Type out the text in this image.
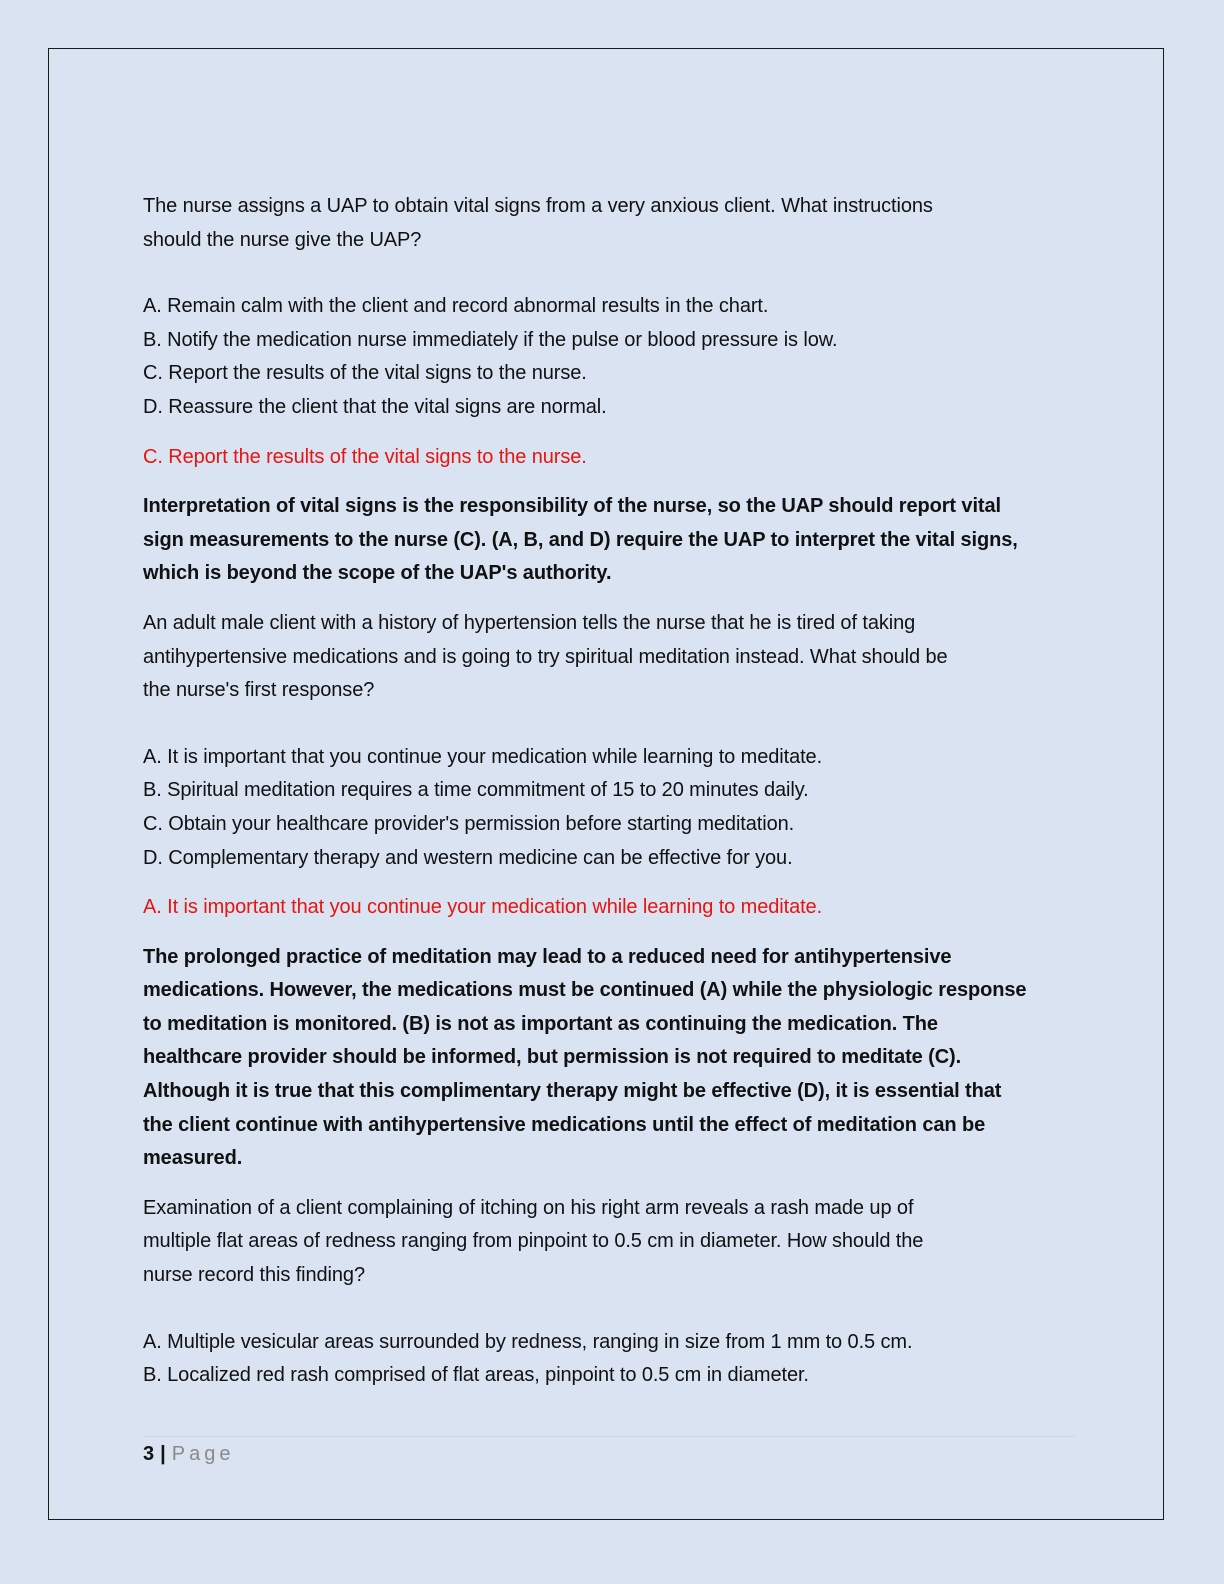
The nurse assigns a UAP to obtain vital signs from a very anxious client. What instructions

should the nurse give the UAP?

A. Remain calm with the client and record abnormal results in the chart.

B. Notify the medication nurse immediately if the pulse or blood pressure is low.

C. Report the results of the vital signs to the nurse.

D. Reassure the client that the vital signs are normal.

C. Report the results of the vital signs to the nurse.

Interpretation of vital signs is the responsibility of the nurse, so the UAP should report vital

sign measurements to the nurse (C). (A, B, and D) require the UAP to interpret the vital signs,

which is beyond the scope of the UAP's authority.

An adult male client with a history of hypertension tells the nurse that he is tired of taking

antihypertensive medications and is going to try spiritual meditation instead. What should be

the nurse's first response?

A. It is important that you continue your medication while learning to meditate.

B. Spiritual meditation requires a time commitment of 15 to 20 minutes daily.

C. Obtain your healthcare provider's permission before starting meditation.

D. Complementary therapy and western medicine can be effective for you.

A. It is important that you continue your medication while learning to meditate.

The prolonged practice of meditation may lead to a reduced need for antihypertensive

medications. However, the medications must be continued (A) while the physiologic response

to meditation is monitored. (B) is not as important as continuing the medication. The

healthcare provider should be informed, but permission is not required to meditate (C).

Although it is true that this complimentary therapy might be effective (D), it is essential that

the client continue with antihypertensive medications until the effect of meditation can be

measured.

Examination of a client complaining of itching on his right arm reveals a rash made up of

multiple flat areas of redness ranging from pinpoint to 0.5 cm in diameter. How should the

nurse record this finding?

A. Multiple vesicular areas surrounded by redness, ranging in size from 1 mm to 0.5 cm.

B. Localized red rash comprised of flat areas, pinpoint to 0.5 cm in diameter.

3 | Page
